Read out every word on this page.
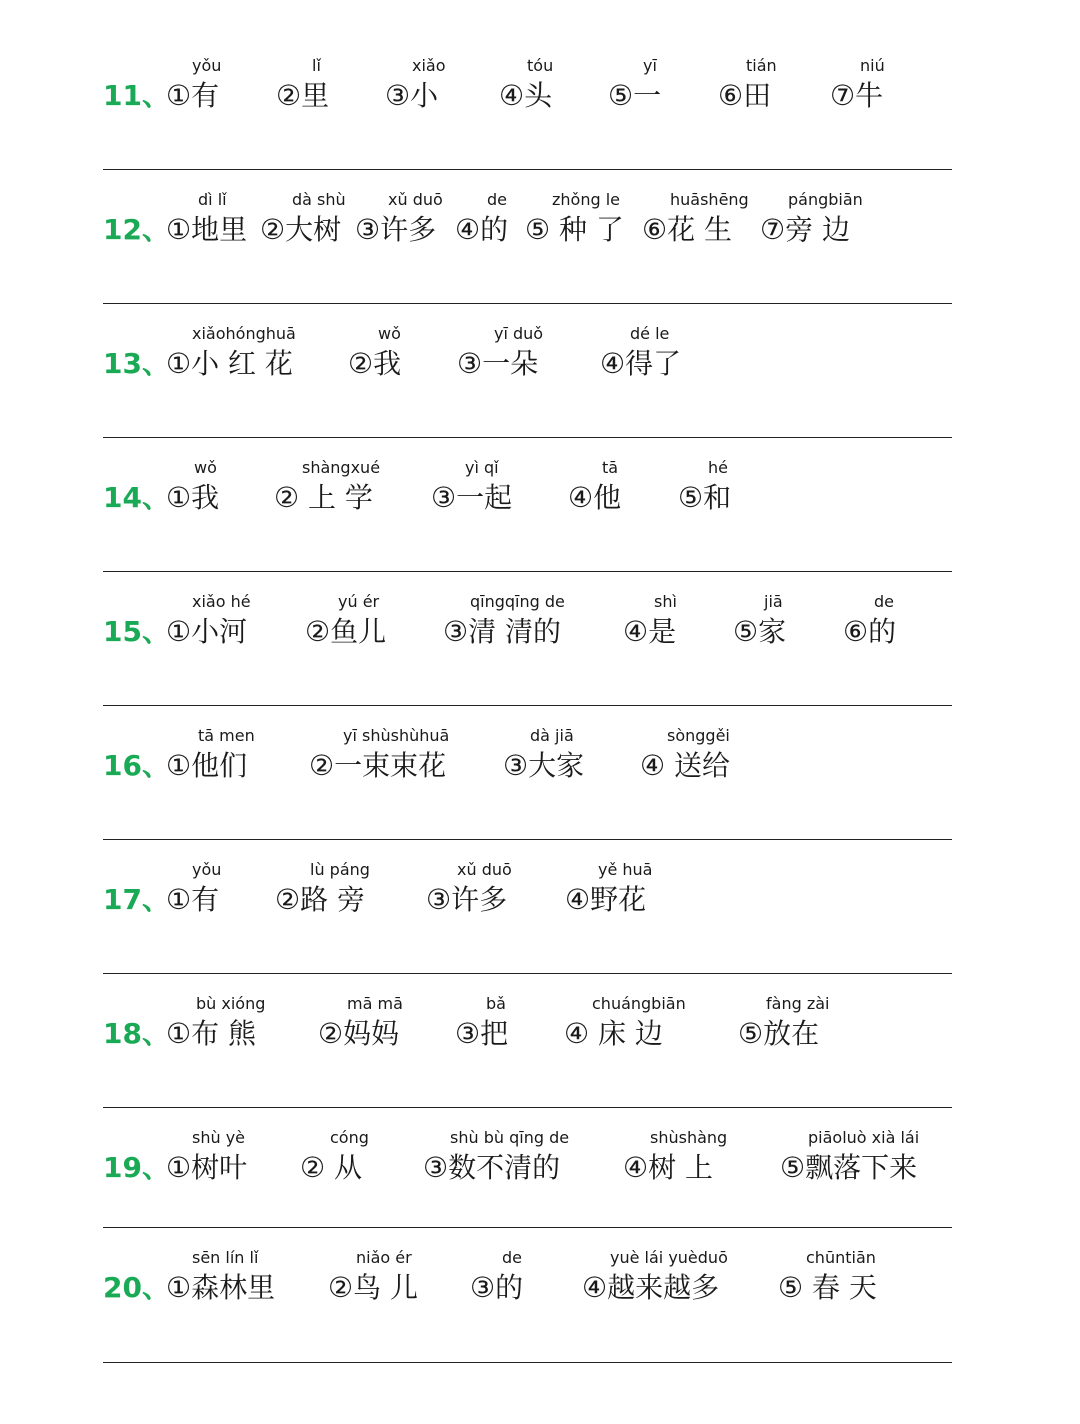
11、
yǒu
①有
lǐ
②里
xiǎo
③小
tóu
④头
yī
⑤一
tián
⑥田
niú
⑦牛
12、
dì lǐ
①地里
dà shù
②大树
xǔ duō
③许多
de
④的
zhǒng le
⑤ 种 了
huāshēng
⑥花 生
pángbiān
⑦旁 边
13、
xiǎohónghuā
①小 红 花
wǒ
②我
yī duǒ
③一朵
dé le
④得了
14、
wǒ
①我
shàngxué
② 上 学
yì qǐ
③一起
tā
④他
hé
⑤和
15、
xiǎo hé
①小河
yú ér
②鱼儿
qīngqīng de
③清 清的
shì
④是
jiā
⑤家
de
⑥的
16、
tā men
①他们
yī shùshùhuā
②一束束花
dà jiā
③大家
sònggěi
④ 送给
17、
yǒu
①有
lù páng
②路 旁
xǔ duō
③许多
yě huā
④野花
18、
bù xióng
①布 熊
mā mā
②妈妈
bǎ
③把
chuángbiān
④ 床 边
fàng zài
⑤放在
19、
shù yè
①树叶
cóng
② 从
shù bù qīng de
③数不清的
shùshàng
④树 上
piāoluò xià lái
⑤飘落下来
20、
sēn lín lǐ
①森林里
niǎo ér
②鸟 儿
de
③的
yuè lái yuèduō
④越来越多
chūntiān
⑤ 春 天
